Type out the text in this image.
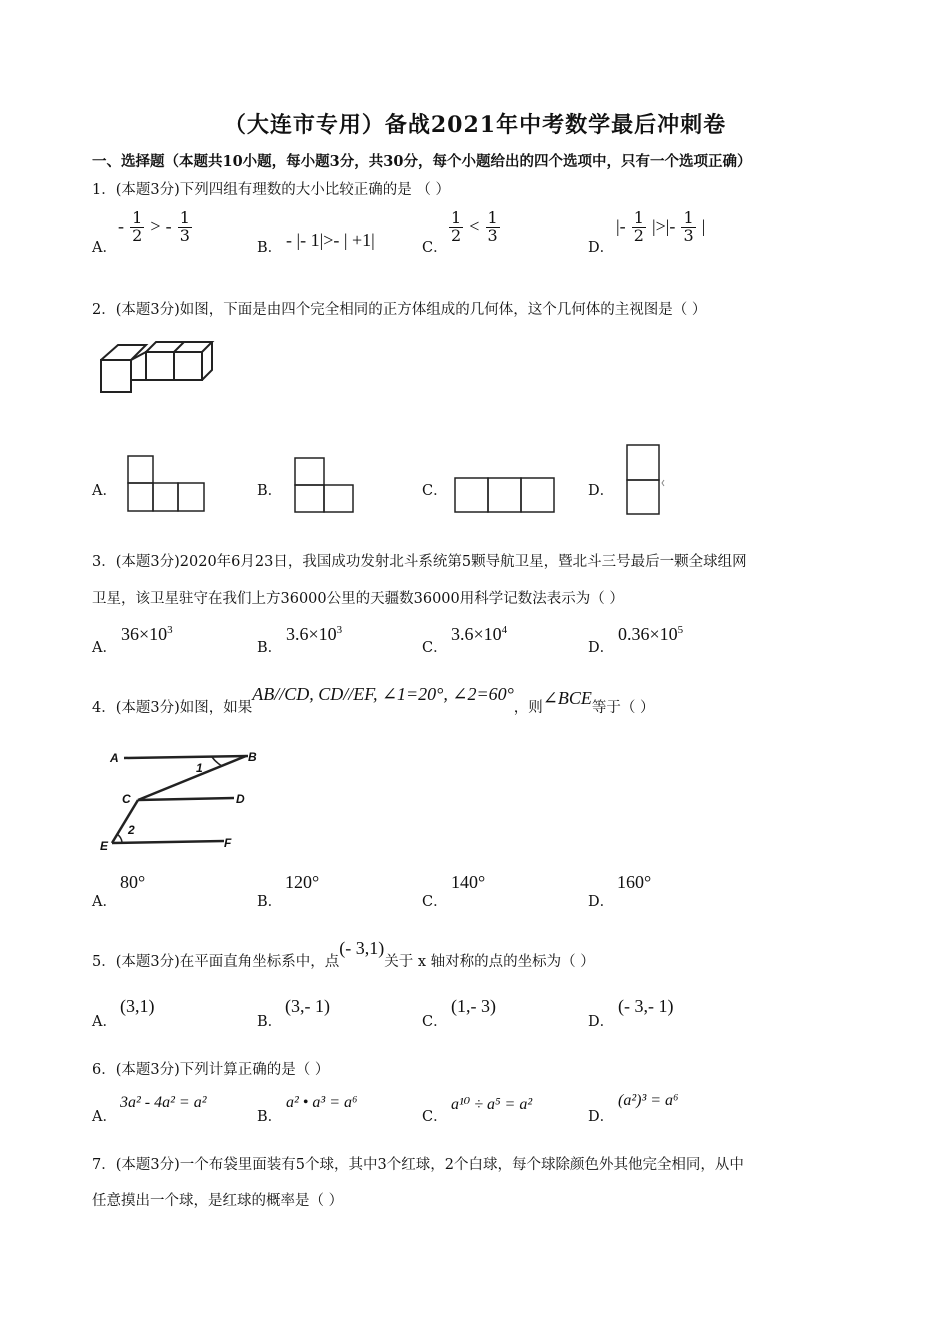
（大连市专用）备战2021年中考数学最后冲刺卷
一、选择题（本题共10小题，每小题3分，共30分，每个小题给出的四个选项中，只有一个选项正确）
1．(本题3分)下列四组有理数的大小比较正确的是 （ ）
A．
- $\frac{1}{2}$ > - $\frac{1}{3}$
B． - |- 1|>- | +1|	C．
$\frac{1}{2} < \frac{1}{3}$
D．
|- $\frac{1}{2}$ |>|- $\frac{1}{3}$ |
2．(本题3分)如图，下面是由四个完全相同的正方体组成的几何体，这个几何体的主视图是（ ）
A．	B．	C．	D．
3．(本题3分)2020年6月23日，我国成功发射北斗系统第5颗导航卫星，暨北斗三号最后一颗全球组网
卫星，该卫星驻守在我们上方36000公里的天疆数36000用科学记数法表示为（ ）
A．
$36\times 10^3$
B．
$3.6\times 10^3$
C．
$3.6\times 10^4$
D．
$0.36\times 10^5$
4．(本题3分)如图，如果AB//CD, CD//EF, ∠1=20°, ∠2=60°，则∠BCE等于（ ）
A	B
C	D
E	F
1
2
A．
80°
B．
120°
C．
140°
D．
160°
5．(本题3分)在平面直角坐标系中，点(- 3,1)关于 x 轴对称的点的坐标为（ ）
A．
(3,1)
B．
(3,- 1)
C．
(1,- 3)
D．
(- 3,- 1)
6．(本题3分)下列计算正确的是（ ）
A．
3a² - 4a² = a²
B．
a² • a³ = a⁶
C．
a¹⁰ ÷ a⁵ = a²
D．
(a²)³ = a⁶
7．(本题3分)一个布袋里面装有5个球，其中3个红球，2个白球，每个球除颜色外其他完全相同，从中
任意摸出一个球，是红球的概率是（ ）
